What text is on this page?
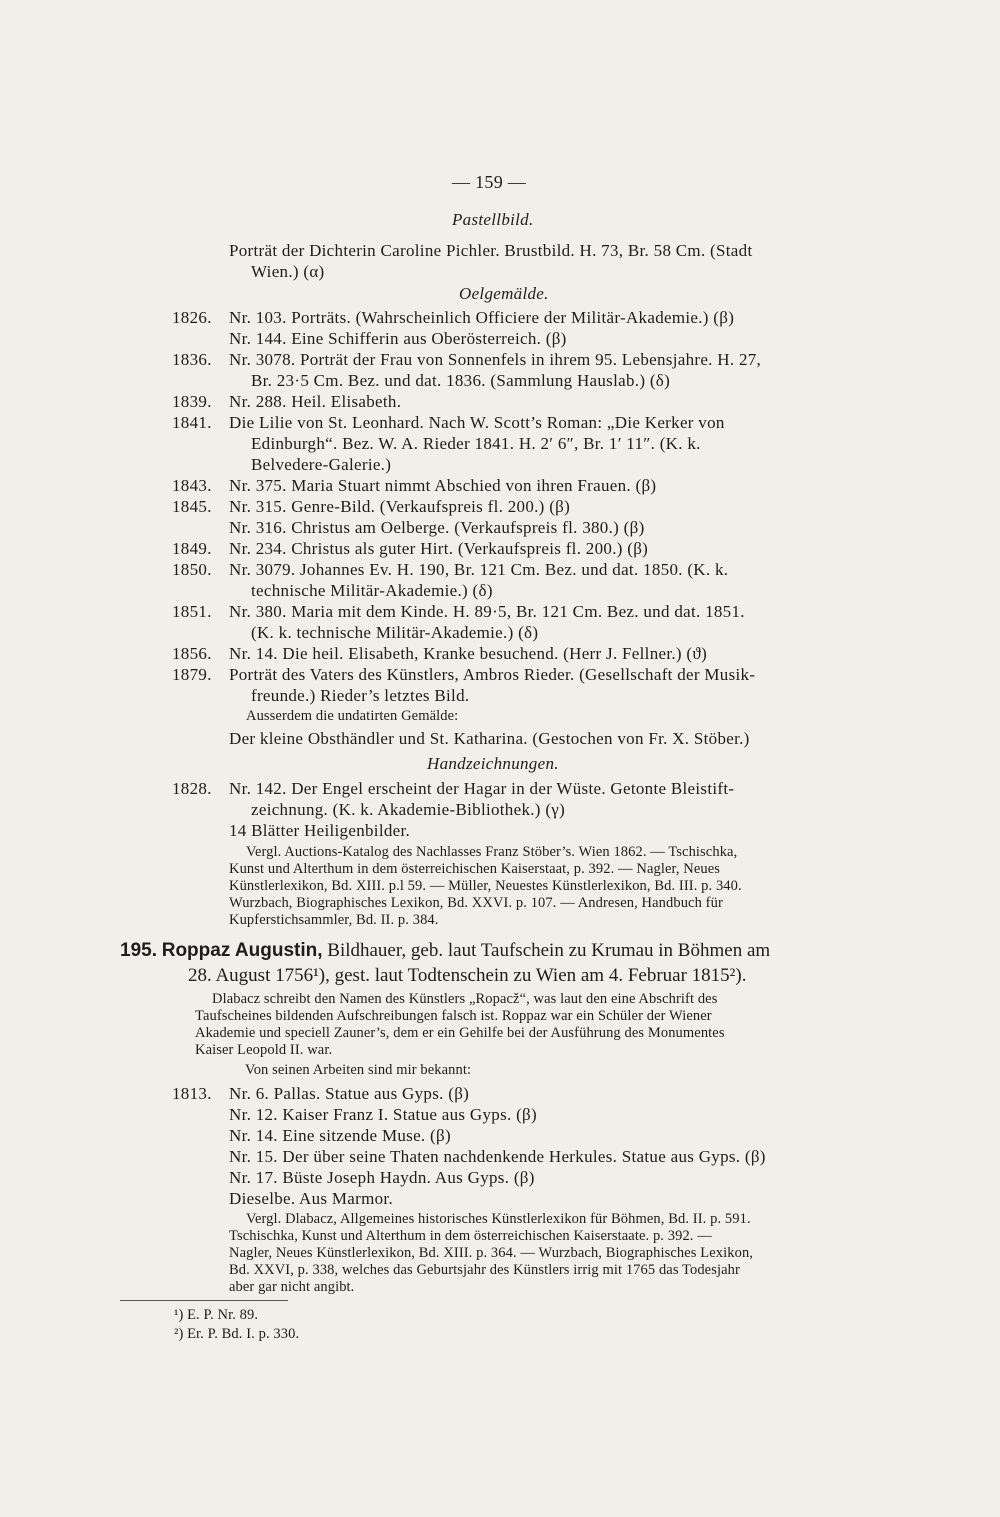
— 159 —
Pastellbild.
Porträt der Dichterin Caroline Pichler. Brustbild. H. 73, Br. 58 Cm. (Stadt
Wien.) (α)
Oelgemälde.
1826. Nr. 103. Porträts. (Wahrscheinlich Officiere der Militär-Akademie.) (β)
Nr. 144. Eine Schifferin aus Oberösterreich. (β)
1836. Nr. 3078. Porträt der Frau von Sonnenfels in ihrem 95. Lebensjahre. H. 27,
Br. 23·5 Cm. Bez. und dat. 1836. (Sammlung Hauslab.) (δ)
1839. Nr. 288. Heil. Elisabeth.
1841. Die Lilie von St. Leonhard. Nach W. Scott’s Roman: „Die Kerker von
Edinburgh“. Bez. W. A. Rieder 1841. H. 2′ 6″, Br. 1′ 11″. (K. k.
Belvedere-Galerie.)
1843. Nr. 375. Maria Stuart nimmt Abschied von ihren Frauen. (β)
1845. Nr. 315. Genre-Bild. (Verkaufspreis fl. 200.) (β)
Nr. 316. Christus am Oelberge. (Verkaufspreis fl. 380.) (β)
1849. Nr. 234. Christus als guter Hirt. (Verkaufspreis fl. 200.) (β)
1850. Nr. 3079. Johannes Ev. H. 190, Br. 121 Cm. Bez. und dat. 1850. (K. k.
technische Militär-Akademie.) (δ)
1851. Nr. 380. Maria mit dem Kinde. H. 89·5, Br. 121 Cm. Bez. und dat. 1851.
(K. k. technische Militär-Akademie.) (δ)
1856. Nr. 14. Die heil. Elisabeth, Kranke besuchend. (Herr J. Fellner.) (ϑ)
1879. Porträt des Vaters des Künstlers, Ambros Rieder. (Gesellschaft der Musik-
freunde.) Rieder’s letztes Bild.
Ausserdem die undatirten Gemälde:
Der kleine Obsthändler und St. Katharina. (Gestochen von Fr. X. Stöber.)
Handzeichnungen.
1828. Nr. 142. Der Engel erscheint der Hagar in der Wüste. Getonte Bleistift-
zeichnung. (K. k. Akademie-Bibliothek.) (γ)
14 Blätter Heiligenbilder.
Vergl. Auctions-Katalog des Nachlasses Franz Stöber’s. Wien 1862. — Tschischka,
Kunst und Alterthum in dem österreichischen Kaiserstaat, p. 392. — Nagler, Neues
Künstlerlexikon, Bd. XIII. p.l 59. — Müller, Neuestes Künstlerlexikon, Bd. III. p. 340.
Wurzbach, Biographisches Lexikon, Bd. XXVI. p. 107. — Andresen, Handbuch für
Kupferstichsammler, Bd. II. p. 384.
195. Roppaz Augustin, Bildhauer, geb. laut Taufschein zu Krumau in Böhmen am
28. August 1756¹), gest. laut Todtenschein zu Wien am 4. Februar 1815²).
Dlabacz schreibt den Namen des Künstlers „Ropacž“, was laut den eine Abschrift des
Taufscheines bildenden Aufschreibungen falsch ist. Roppaz war ein Schüler der Wiener
Akademie und speciell Zauner’s, dem er ein Gehilfe bei der Ausführung des Monumentes
Kaiser Leopold II. war.
Von seinen Arbeiten sind mir bekannt:
1813. Nr. 6. Pallas. Statue aus Gyps. (β)
Nr. 12. Kaiser Franz I. Statue aus Gyps. (β)
Nr. 14. Eine sitzende Muse. (β)
Nr. 15. Der über seine Thaten nachdenkende Herkules. Statue aus Gyps. (β)
Nr. 17. Büste Joseph Haydn. Aus Gyps. (β)
Dieselbe. Aus Marmor.
Vergl. Dlabacz, Allgemeines historisches Künstlerlexikon für Böhmen, Bd. II. p. 591.
Tschischka, Kunst und Alterthum in dem österreichischen Kaiserstaate. p. 392. —
Nagler, Neues Künstlerlexikon, Bd. XIII. p. 364. — Wurzbach, Biographisches Lexikon,
Bd. XXVI, p. 338, welches das Geburtsjahr des Künstlers irrig mit 1765 das Todesjahr
aber gar nicht angibt.
¹) E. P. Nr. 89.
²) Er. P. Bd. I. p. 330.
